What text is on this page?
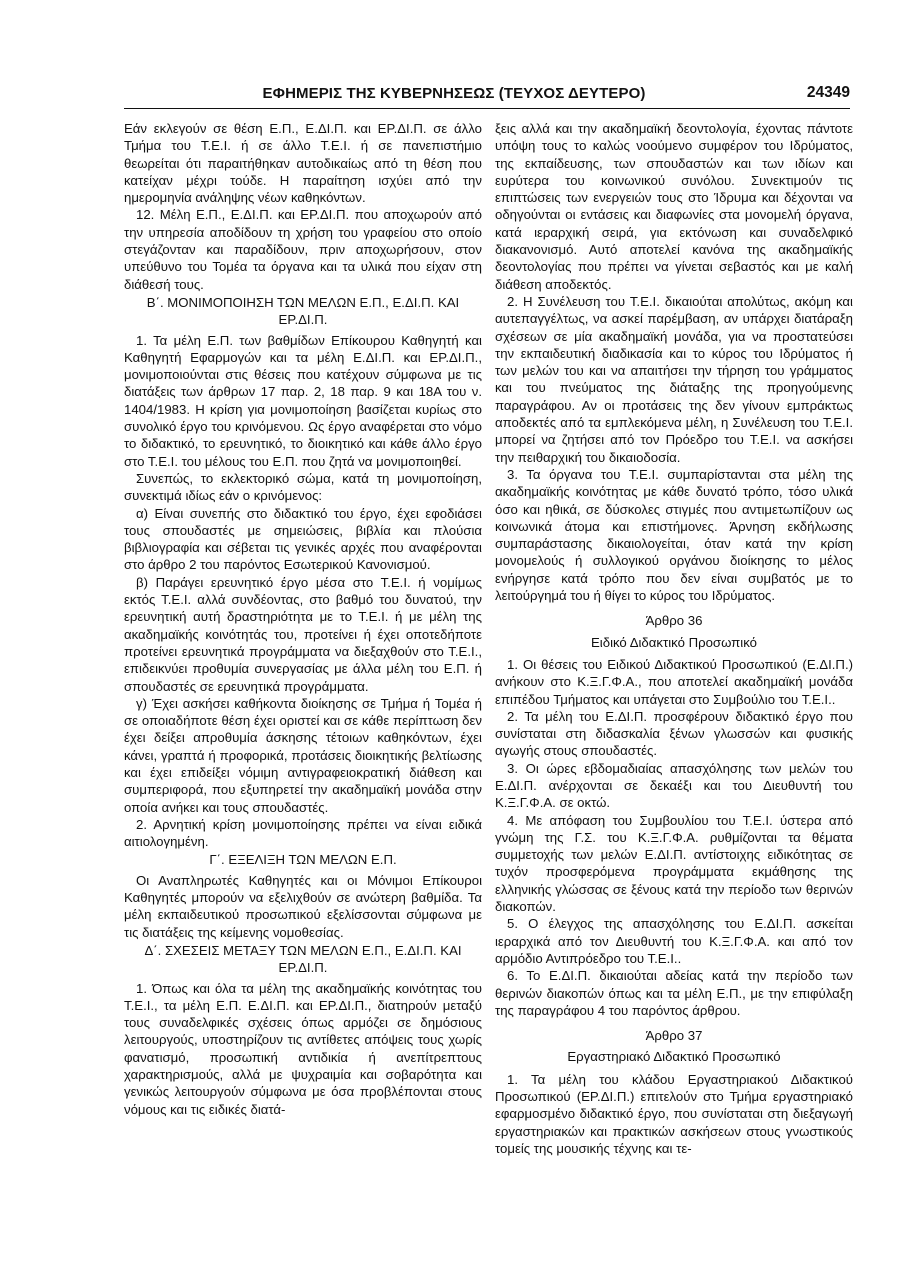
ΕΦΗΜΕΡΙΣ ΤΗΣ ΚΥΒΕΡΝΗΣΕΩΣ (ΤΕΥΧΟΣ ΔΕΥΤΕΡΟ)	24349

Εάν εκλεγούν σε θέση Ε.Π., Ε.ΔΙ.Π. και ΕΡ.ΔΙ.Π. σε άλλο Τμήμα του Τ.Ε.Ι. ή σε άλλο Τ.Ε.Ι. ή σε πανεπιστήμιο θεωρείται ότι παραιτήθηκαν αυτοδικαίως από τη θέση που κατείχαν μέχρι τούδε. Η παραίτηση ισχύει από την ημερομηνία ανάληψης νέων καθηκόντων.

12. Μέλη Ε.Π., Ε.ΔΙ.Π. και ΕΡ.ΔΙ.Π. που αποχωρούν από την υπηρεσία αποδίδουν τη χρήση του γραφείου στο οποίο στεγάζονταν και παραδίδουν, πριν αποχωρήσουν, στον υπεύθυνο του Τομέα τα όργανα και τα υλικά που είχαν στη διάθεσή τους.

Β΄. ΜΟΝΙΜΟΠΟΙΗΣΗ ΤΩΝ ΜΕΛΩΝ Ε.Π., Ε.ΔΙ.Π. ΚΑΙ ΕΡ.ΔΙ.Π.

1. Τα μέλη Ε.Π. των βαθμίδων Επίκουρου Καθηγητή και Καθηγητή Εφαρμογών και τα μέλη Ε.ΔΙ.Π. και ΕΡ.ΔΙ.Π., μονιμοποιούνται στις θέσεις που κατέχουν σύμφωνα με τις διατάξεις των άρθρων 17 παρ. 2, 18 παρ. 9 και 18Α του ν. 1404/1983. Η κρίση για μονιμοποίηση βασίζεται κυρίως στο συνολικό έργο του κρινόμενου. Ως έργο αναφέρεται στο νόμο το διδακτικό, το ερευνητικό, το διοικητικό και κάθε άλλο έργο στο Τ.Ε.Ι. του μέλους του Ε.Π. που ζητά να μονιμοποιηθεί.

Συνεπώς, το εκλεκτορικό σώμα, κατά τη μονιμοποίηση, συνεκτιμά ιδίως εάν ο κρινόμενος:

α) Είναι συνεπής στο διδακτικό του έργο, έχει εφοδιάσει τους σπουδαστές με σημειώσεις, βιβλία και πλούσια βιβλιογραφία και σέβεται τις γενικές αρχές που αναφέρονται στο άρθρο 2 του παρόντος Εσωτερικού Κανονισμού.

β) Παράγει ερευνητικό έργο μέσα στο Τ.Ε.Ι. ή νομίμως εκτός Τ.Ε.Ι. αλλά συνδέοντας, στο βαθμό του δυνατού, την ερευνητική αυτή δραστηριότητα με το Τ.Ε.Ι. ή με μέλη της ακαδημαϊκής κοινότητάς του, προτείνει ή έχει οποτεδήποτε προτείνει ερευνητικά προγράμματα να διεξαχθούν στο Τ.Ε.Ι., επιδεικνύει προθυμία συνεργασίας με άλλα μέλη του Ε.Π. ή σπουδαστές σε ερευνητικά προγράμματα.

γ) Έχει ασκήσει καθήκοντα διοίκησης σε Τμήμα ή Τομέα ή σε οποιαδήποτε θέση έχει οριστεί και σε κάθε περίπτωση δεν έχει δείξει απροθυμία άσκησης τέτοιων καθηκόντων, έχει κάνει, γραπτά ή προφορικά, προτάσεις διοικητικής βελτίωσης και έχει επιδείξει νόμιμη αντιγραφειοκρατική διάθεση και συμπεριφορά, που εξυπηρετεί την ακαδημαϊκή μονάδα στην οποία ανήκει και τους σπουδαστές.

2. Αρνητική κρίση μονιμοποίησης πρέπει να είναι ειδικά αιτιολογημένη.

Γ΄. ΕΞΕΛΙΞΗ ΤΩΝ ΜΕΛΩΝ Ε.Π.

Οι Αναπληρωτές Καθηγητές και οι Μόνιμοι Επίκουροι Καθηγητές μπορούν να εξελιχθούν σε ανώτερη βαθμίδα. Τα μέλη εκπαιδευτικού προσωπικού εξελίσσονται σύμφωνα με τις διατάξεις της κείμενης νομοθεσίας.

Δ΄. ΣΧΕΣΕΙΣ ΜΕΤΑΞΥ ΤΩΝ ΜΕΛΩΝ Ε.Π., Ε.ΔΙ.Π. ΚΑΙ ΕΡ.ΔΙ.Π.

1. Όπως και όλα τα μέλη της ακαδημαϊκής κοινότητας του Τ.Ε.Ι., τα μέλη Ε.Π. Ε.ΔΙ.Π. και ΕΡ.ΔΙ.Π., διατηρούν μεταξύ τους συναδελφικές σχέσεις όπως αρμόζει σε δημόσιους λειτουργούς, υποστηρίζουν τις αντίθετες απόψεις τους χωρίς φανατισμό, προσωπική αντιδικία ή ανεπίτρεπτους χαρακτηρισμούς, αλλά με ψυχραιμία και σοβαρότητα και γενικώς λειτουργούν σύμφωνα με όσα προβλέπονται στους νόμους και τις ειδικές διατά-

ξεις αλλά και την ακαδημαϊκή δεοντολογία, έχοντας πάντοτε υπόψη τους το καλώς νοούμενο συμφέρον του Ιδρύματος, της εκπαίδευσης, των σπουδαστών και των ιδίων και ευρύτερα του κοινωνικού συνόλου. Συνεκτιμούν τις επιπτώσεις των ενεργειών τους στο Ίδρυμα και δέχονται να οδηγούνται οι εντάσεις και διαφωνίες στα μονομελή όργανα, κατά ιεραρχική σειρά, για εκτόνωση και συναδελφικό διακανονισμό. Αυτό αποτελεί κανόνα της ακαδημαϊκής δεοντολογίας που πρέπει να γίνεται σεβαστός και με καλή διάθεση αποδεκτός.

2. Η Συνέλευση του Τ.Ε.Ι. δικαιούται απολύτως, ακόμη και αυτεπαγγέλτως, να ασκεί παρέμβαση, αν υπάρχει διατάραξη σχέσεων σε μία ακαδημαϊκή μονάδα, για να προστατεύσει την εκπαιδευτική διαδικασία και το κύρος του Ιδρύματος ή των μελών του και να απαιτήσει την τήρηση του γράμματος και του πνεύματος της διάταξης της προηγούμενης παραγράφου. Αν οι προτάσεις της δεν γίνουν εμπράκτως αποδεκτές από τα εμπλεκόμενα μέλη, η Συνέλευση του Τ.Ε.Ι. μπορεί να ζητήσει από τον Πρόεδρο του Τ.Ε.Ι. να ασκήσει την πειθαρχική του δικαιοδοσία.

3. Τα όργανα του Τ.Ε.Ι. συμπαρίστανται στα μέλη της ακαδημαϊκής κοινότητας με κάθε δυνατό τρόπο, τόσο υλικά όσο και ηθικά, σε δύσκολες στιγμές που αντιμετωπίζουν ως κοινωνικά άτομα και επιστήμονες. Άρνηση εκδήλωσης συμπαράστασης δικαιολογείται, όταν κατά την κρίση μονομελούς ή συλλογικού οργάνου διοίκησης το μέλος ενήργησε κατά τρόπο που δεν είναι συμβατός με το λειτούργημά του ή θίγει το κύρος του Ιδρύματος.

Άρθρο 36

Ειδικό Διδακτικό Προσωπικό

1. Οι θέσεις του Ειδικού Διδακτικού Προσωπικού (Ε.ΔΙ.Π.) ανήκουν στο Κ.Ξ.Γ.Φ.Α., που αποτελεί ακαδημαϊκή μονάδα επιπέδου Τμήματος και υπάγεται στο Συμβούλιο του Τ.Ε.Ι..

2. Τα μέλη του Ε.ΔΙ.Π. προσφέρουν διδακτικό έργο που συνίσταται στη διδασκαλία ξένων γλωσσών και φυσικής αγωγής στους σπουδαστές.

3. Οι ώρες εβδομαδιαίας απασχόλησης των μελών του Ε.ΔΙ.Π. ανέρχονται σε δεκαέξι και του Διευθυντή του Κ.Ξ.Γ.Φ.Α. σε οκτώ.

4. Με απόφαση του Συμβουλίου του Τ.Ε.Ι. ύστερα από γνώμη της Γ.Σ. του Κ.Ξ.Γ.Φ.Α. ρυθμίζονται τα θέματα συμμετοχής των μελών Ε.ΔΙ.Π. αντίστοιχης ειδικότητας σε τυχόν προσφερόμενα προγράμματα εκμάθησης της ελληνικής γλώσσας σε ξένους κατά την περίοδο των θερινών διακοπών.

5. Ο έλεγχος της απασχόλησης του Ε.ΔΙ.Π. ασκείται ιεραρχικά από τον Διευθυντή του Κ.Ξ.Γ.Φ.Α. και από τον αρμόδιο Αντιπρόεδρο του Τ.Ε.Ι..

6. Το Ε.ΔΙ.Π. δικαιούται αδείας κατά την περίοδο των θερινών διακοπών όπως και τα μέλη Ε.Π., με την επιφύλαξη της παραγράφου 4 του παρόντος άρθρου.

Άρθρο 37

Εργαστηριακό Διδακτικό Προσωπικό

1. Τα μέλη του κλάδου Εργαστηριακού Διδακτικού Προσωπικού (ΕΡ.ΔΙ.Π.) επιτελούν στο Τμήμα εργαστηριακό εφαρμοσμένο διδακτικό έργο, που συνίσταται στη διεξαγωγή εργαστηριακών και πρακτικών ασκήσεων στους γνωστικούς τομείς της μουσικής τέχνης και τε-
